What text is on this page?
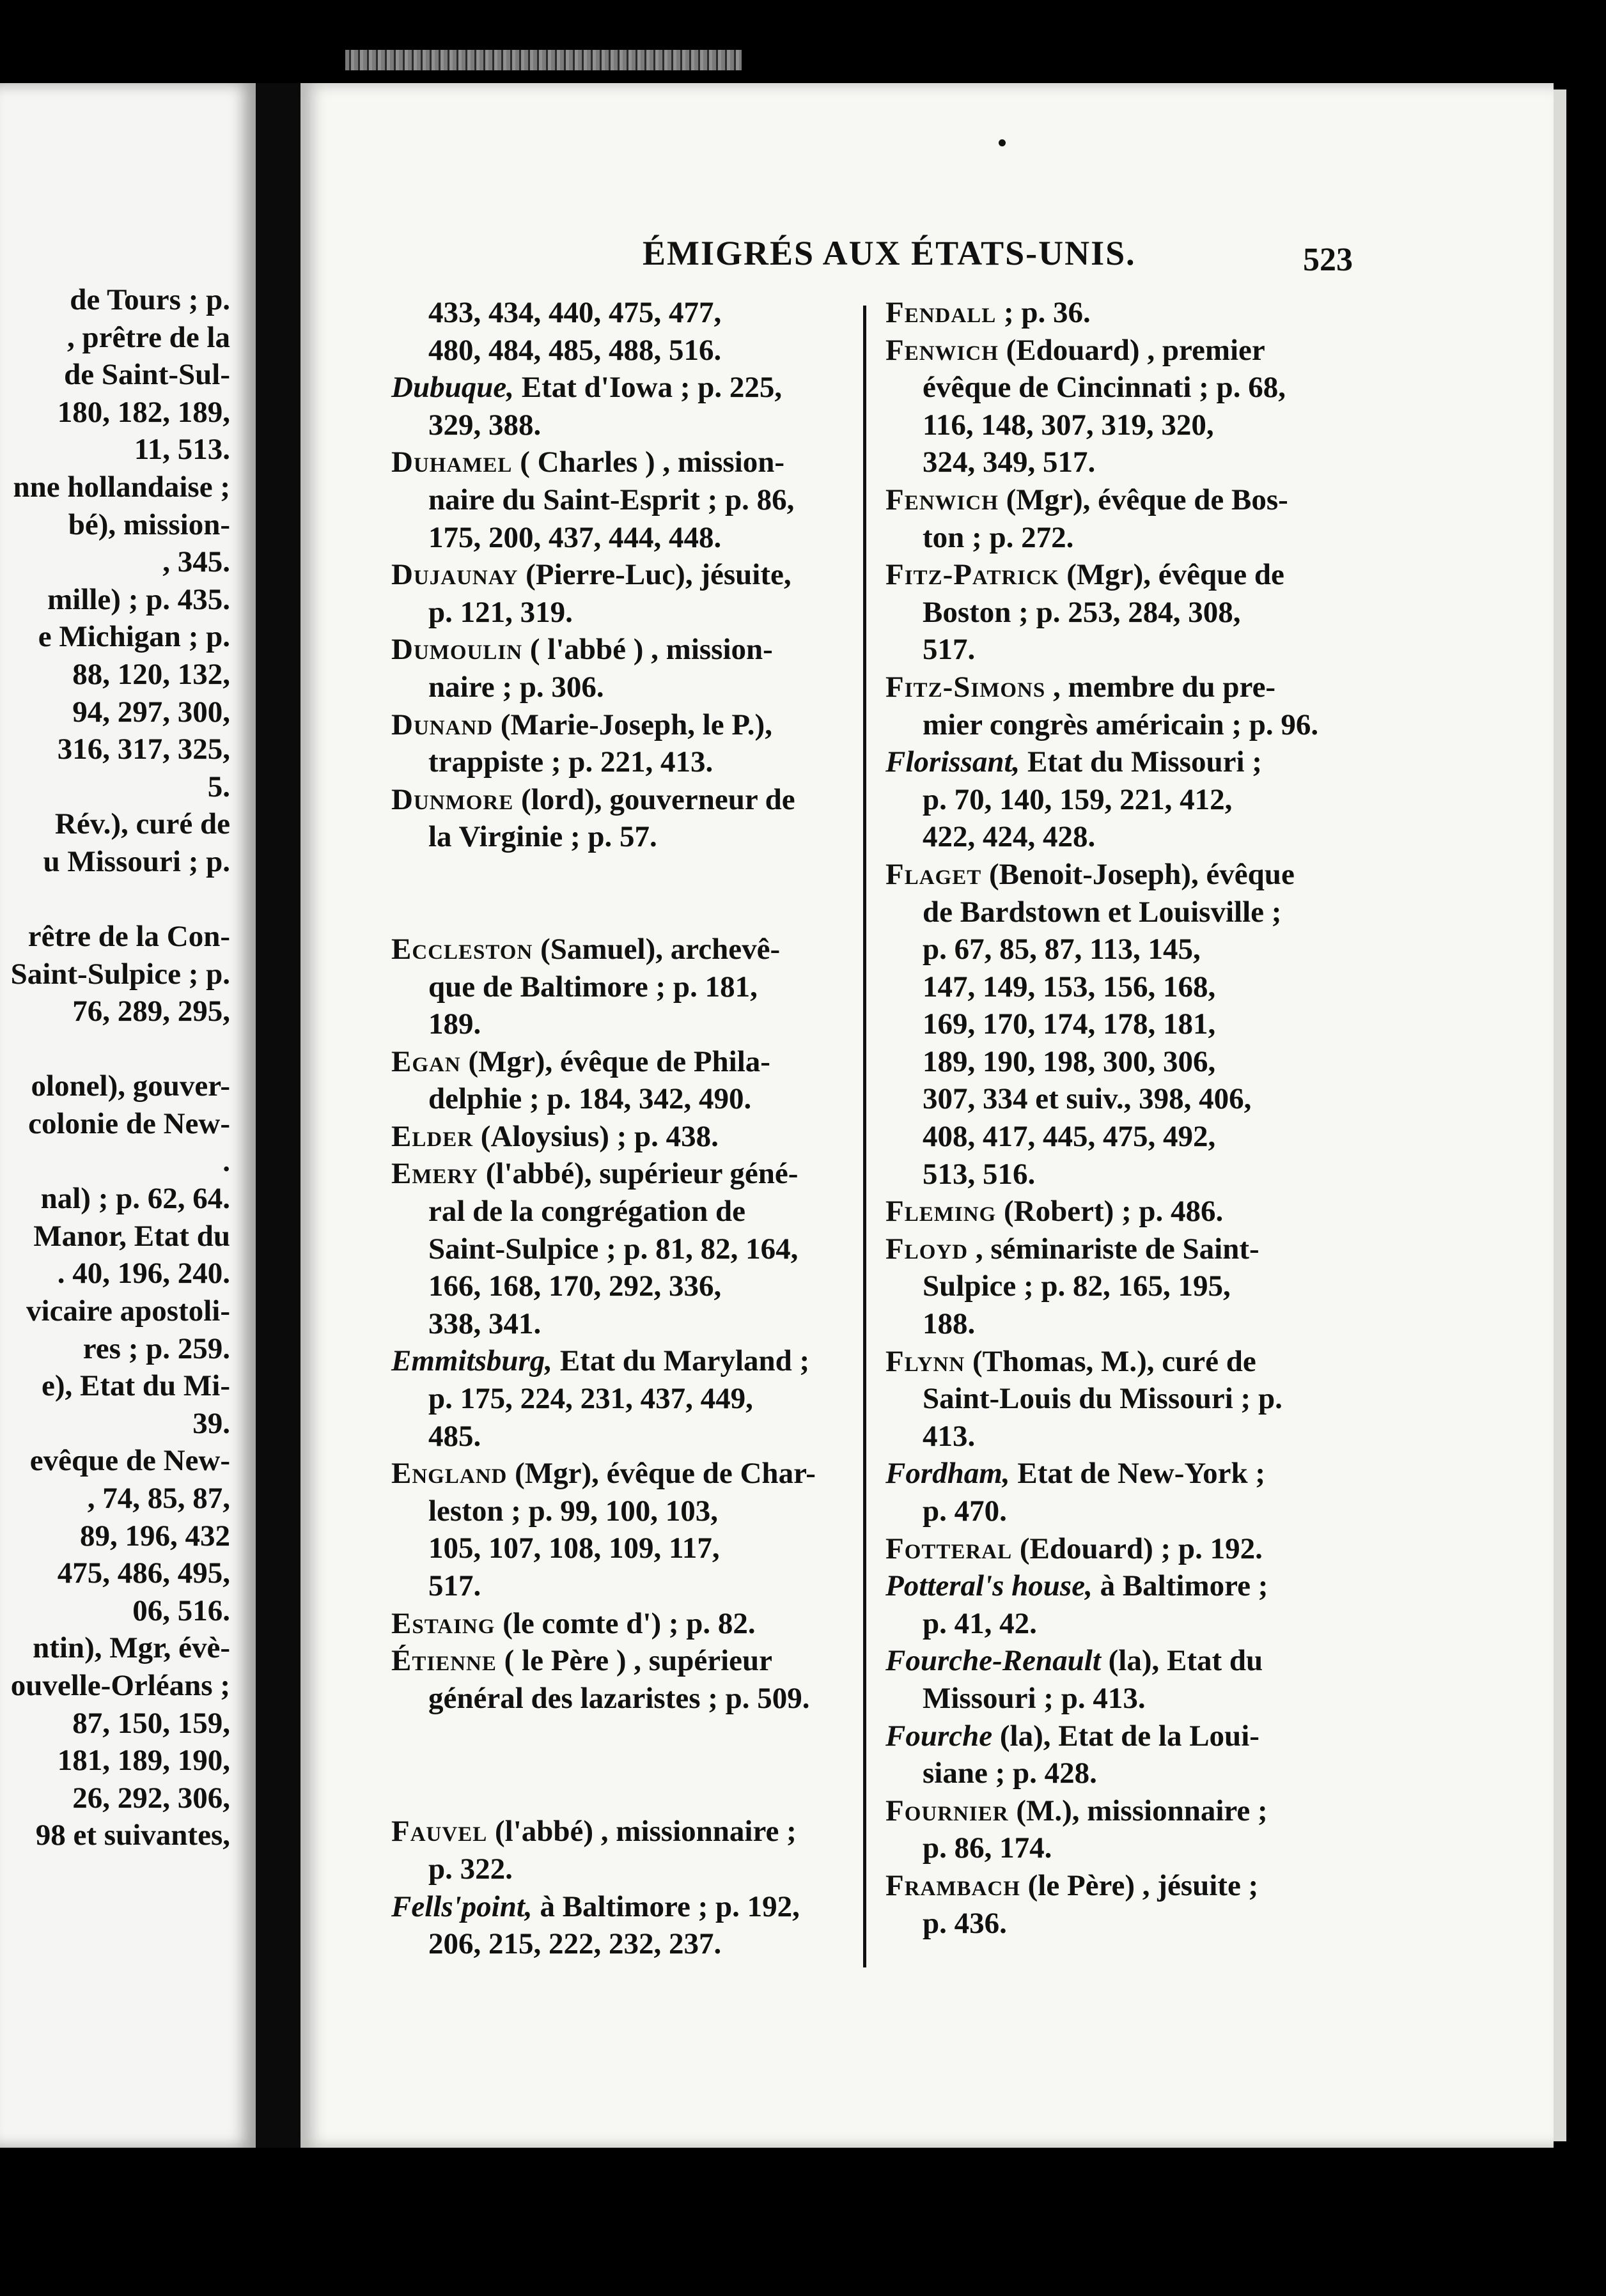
de Tours ; p.
, prêtre de la
de Saint-Sul-
180, 182, 189,
11, 513.
nne hollandaise ;
bé), mission-
, 345.
mille) ; p. 435.
e Michigan ; p.
88, 120, 132,
94, 297, 300,
316, 317, 325,
5.
Rév.), curé de
u Missouri ; p.

rêtre de la Con-
Saint-Sulpice ; p.
76, 289, 295,

olonel), gouver-
colonie de New-
.
nal) ; p. 62, 64.
Manor, Etat du
. 40, 196, 240.
vicaire apostoli-
res ; p. 259.
e), Etat du Mi-
39.
evêque de New-
, 74, 85, 87,
89, 196, 432
475, 486, 495,
06, 516.
ntin), Mgr, évè-
ouvelle-Orléans ;
87, 150, 159,
181, 189, 190,
26, 292, 306,
98 et suivantes,
ÉMIGRÉS AUX ÉTATS-UNIS.	523
433, 434, 440, 475, 477,
480, 484, 485, 488, 516.
Dubuque, Etat d'Iowa ; p. 225,
329, 388.
Duhamel ( Charles ) , mission-
naire du Saint-Esprit ; p. 86,
175, 200, 437, 444, 448.
Dujaunay (Pierre-Luc), jésuite,
p. 121, 319.
Dumoulin ( l'abbé ) , mission-
naire ; p. 306.
Dunand (Marie-Joseph, le P.),
trappiste ; p. 221, 413.
Dunmore (lord), gouverneur de
la Virginie ; p. 57.
Eccleston (Samuel), archevê-
que de Baltimore ; p. 181,
189.
Egan (Mgr), évêque de Phila-
delphie ; p. 184, 342, 490.
Elder (Aloysius) ; p. 438.
Emery (l'abbé), supérieur géné-
ral de la congrégation de
Saint-Sulpice ; p. 81, 82, 164,
166, 168, 170, 292, 336,
338, 341.
Emmitsburg, Etat du Maryland ;
p. 175, 224, 231, 437, 449,
485.
England (Mgr), évêque de Char-
leston ; p. 99, 100, 103,
105, 107, 108, 109, 117,
517.
Estaing (le comte d') ; p. 82.
Étienne ( le Père ) , supérieur
général des lazaristes ; p. 509.
Fauvel (l'abbé) , missionnaire ;
p. 322.
Fells'point, à Baltimore ; p. 192,
206, 215, 222, 232, 237.
Fendall ; p. 36.
Fenwich (Edouard) , premier
évêque de Cincinnati ; p. 68,
116, 148, 307, 319, 320,
324, 349, 517.
Fenwich (Mgr), évêque de Bos-
ton ; p. 272.
Fitz-Patrick (Mgr), évêque de
Boston ; p. 253, 284, 308,
517.
Fitz-Simons , membre du pre-
mier congrès américain ; p. 96.
Florissant, Etat du Missouri ;
p. 70, 140, 159, 221, 412,
422, 424, 428.
Flaget (Benoit-Joseph), évêque
de Bardstown et Louisville ;
p. 67, 85, 87, 113, 145,
147, 149, 153, 156, 168,
169, 170, 174, 178, 181,
189, 190, 198, 300, 306,
307, 334 et suiv., 398, 406,
408, 417, 445, 475, 492,
513, 516.
Fleming (Robert) ; p. 486.
Floyd , séminariste de Saint-
Sulpice ; p. 82, 165, 195,
188.
Flynn (Thomas, M.), curé de
Saint-Louis du Missouri ; p.
413.
Fordham, Etat de New-York ;
p. 470.
Fotteral (Edouard) ; p. 192.
Potteral's house, à Baltimore ;
p. 41, 42.
Fourche-Renault (la), Etat du
Missouri ; p. 413.
Fourche (la), Etat de la Loui-
siane ; p. 428.
Fournier (M.), missionnaire ;
p. 86, 174.
Frambach (le Père) , jésuite ;
p. 436.
